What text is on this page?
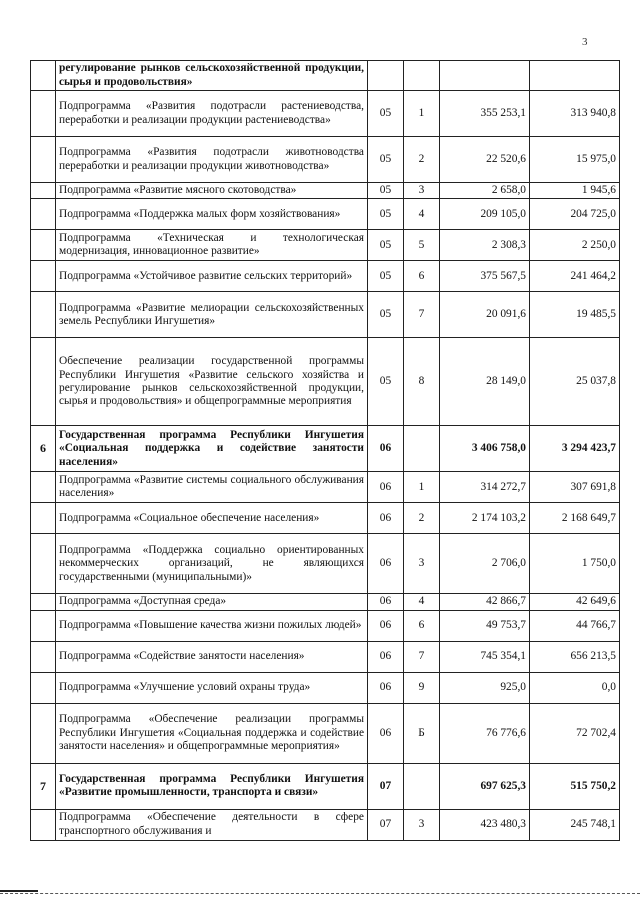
3
	регулирование рынков сельскохозяйственной продукции, сырья и продовольствия»				
	Подпрограмма «Развития подотрасли растениеводства, переработки и реализации продукции растениеводства»	05	1	355 253,1	313 940,8
	Подпрограмма «Развития подотрасли животноводства переработки и реализации продукции животноводства»	05	2	22 520,6	15 975,0
	Подпрограмма «Развитие мясного скотоводства»	05	3	2 658,0	1 945,6
	Подпрограмма «Поддержка малых форм хозяйствования»	05	4	209 105,0	204 725,0
	Подпрограмма «Техническая и технологическая модернизация, инновационное развитие»	05	5	2 308,3	2 250,0
	Подпрограмма «Устойчивое развитие сельских территорий»	05	6	375 567,5	241 464,2
	Подпрограмма «Развитие мелиорации сельскохозяйственных земель Республики Ингушетия»	05	7	20 091,6	19 485,5
	Обеспечение реализации государственной программы Республики Ингушетия «Развитие сельского хозяйства и регулирование рынков сельскохозяйственной продукции, сырья и продовольствия» и общепрограммные мероприятия	05	8	28 149,0	25 037,8
6	Государственная программа Республики Ингушетия «Социальная поддержка и содействие занятости населения»	06		3 406 758,0	3 294 423,7
	Подпрограмма «Развитие системы социального обслуживания населения»	06	1	314 272,7	307 691,8
	Подпрограмма «Социальное обеспечение населения»	06	2	2 174 103,2	2 168 649,7
	Подпрограмма «Поддержка социально ориентированных некоммерческих организаций, не являющихся государственными (муниципальными)»	06	3	2 706,0	1 750,0
	Подпрограмма «Доступная среда»	06	4	42 866,7	42 649,6
	Подпрограмма «Повышение качества жизни пожилых людей»	06	6	49 753,7	44 766,7
	Подпрограмма «Содействие занятости населения»	06	7	745 354,1	656 213,5
	Подпрограмма «Улучшение условий охраны труда»	06	9	925,0	0,0
	Подпрограмма «Обеспечение реализации программы Республики Ингушетия «Социальная поддержка и содействие занятости населения» и общепрограммные мероприятия»	06	Б	76 776,6	72 702,4
7	Государственная программа Республики Ингушетия «Развитие промышленности, транспорта и связи»	07		697 625,3	515 750,2
	Подпрограмма «Обеспечение деятельности в сфере транспортного обслуживания и	07	3	423 480,3	245 748,1
